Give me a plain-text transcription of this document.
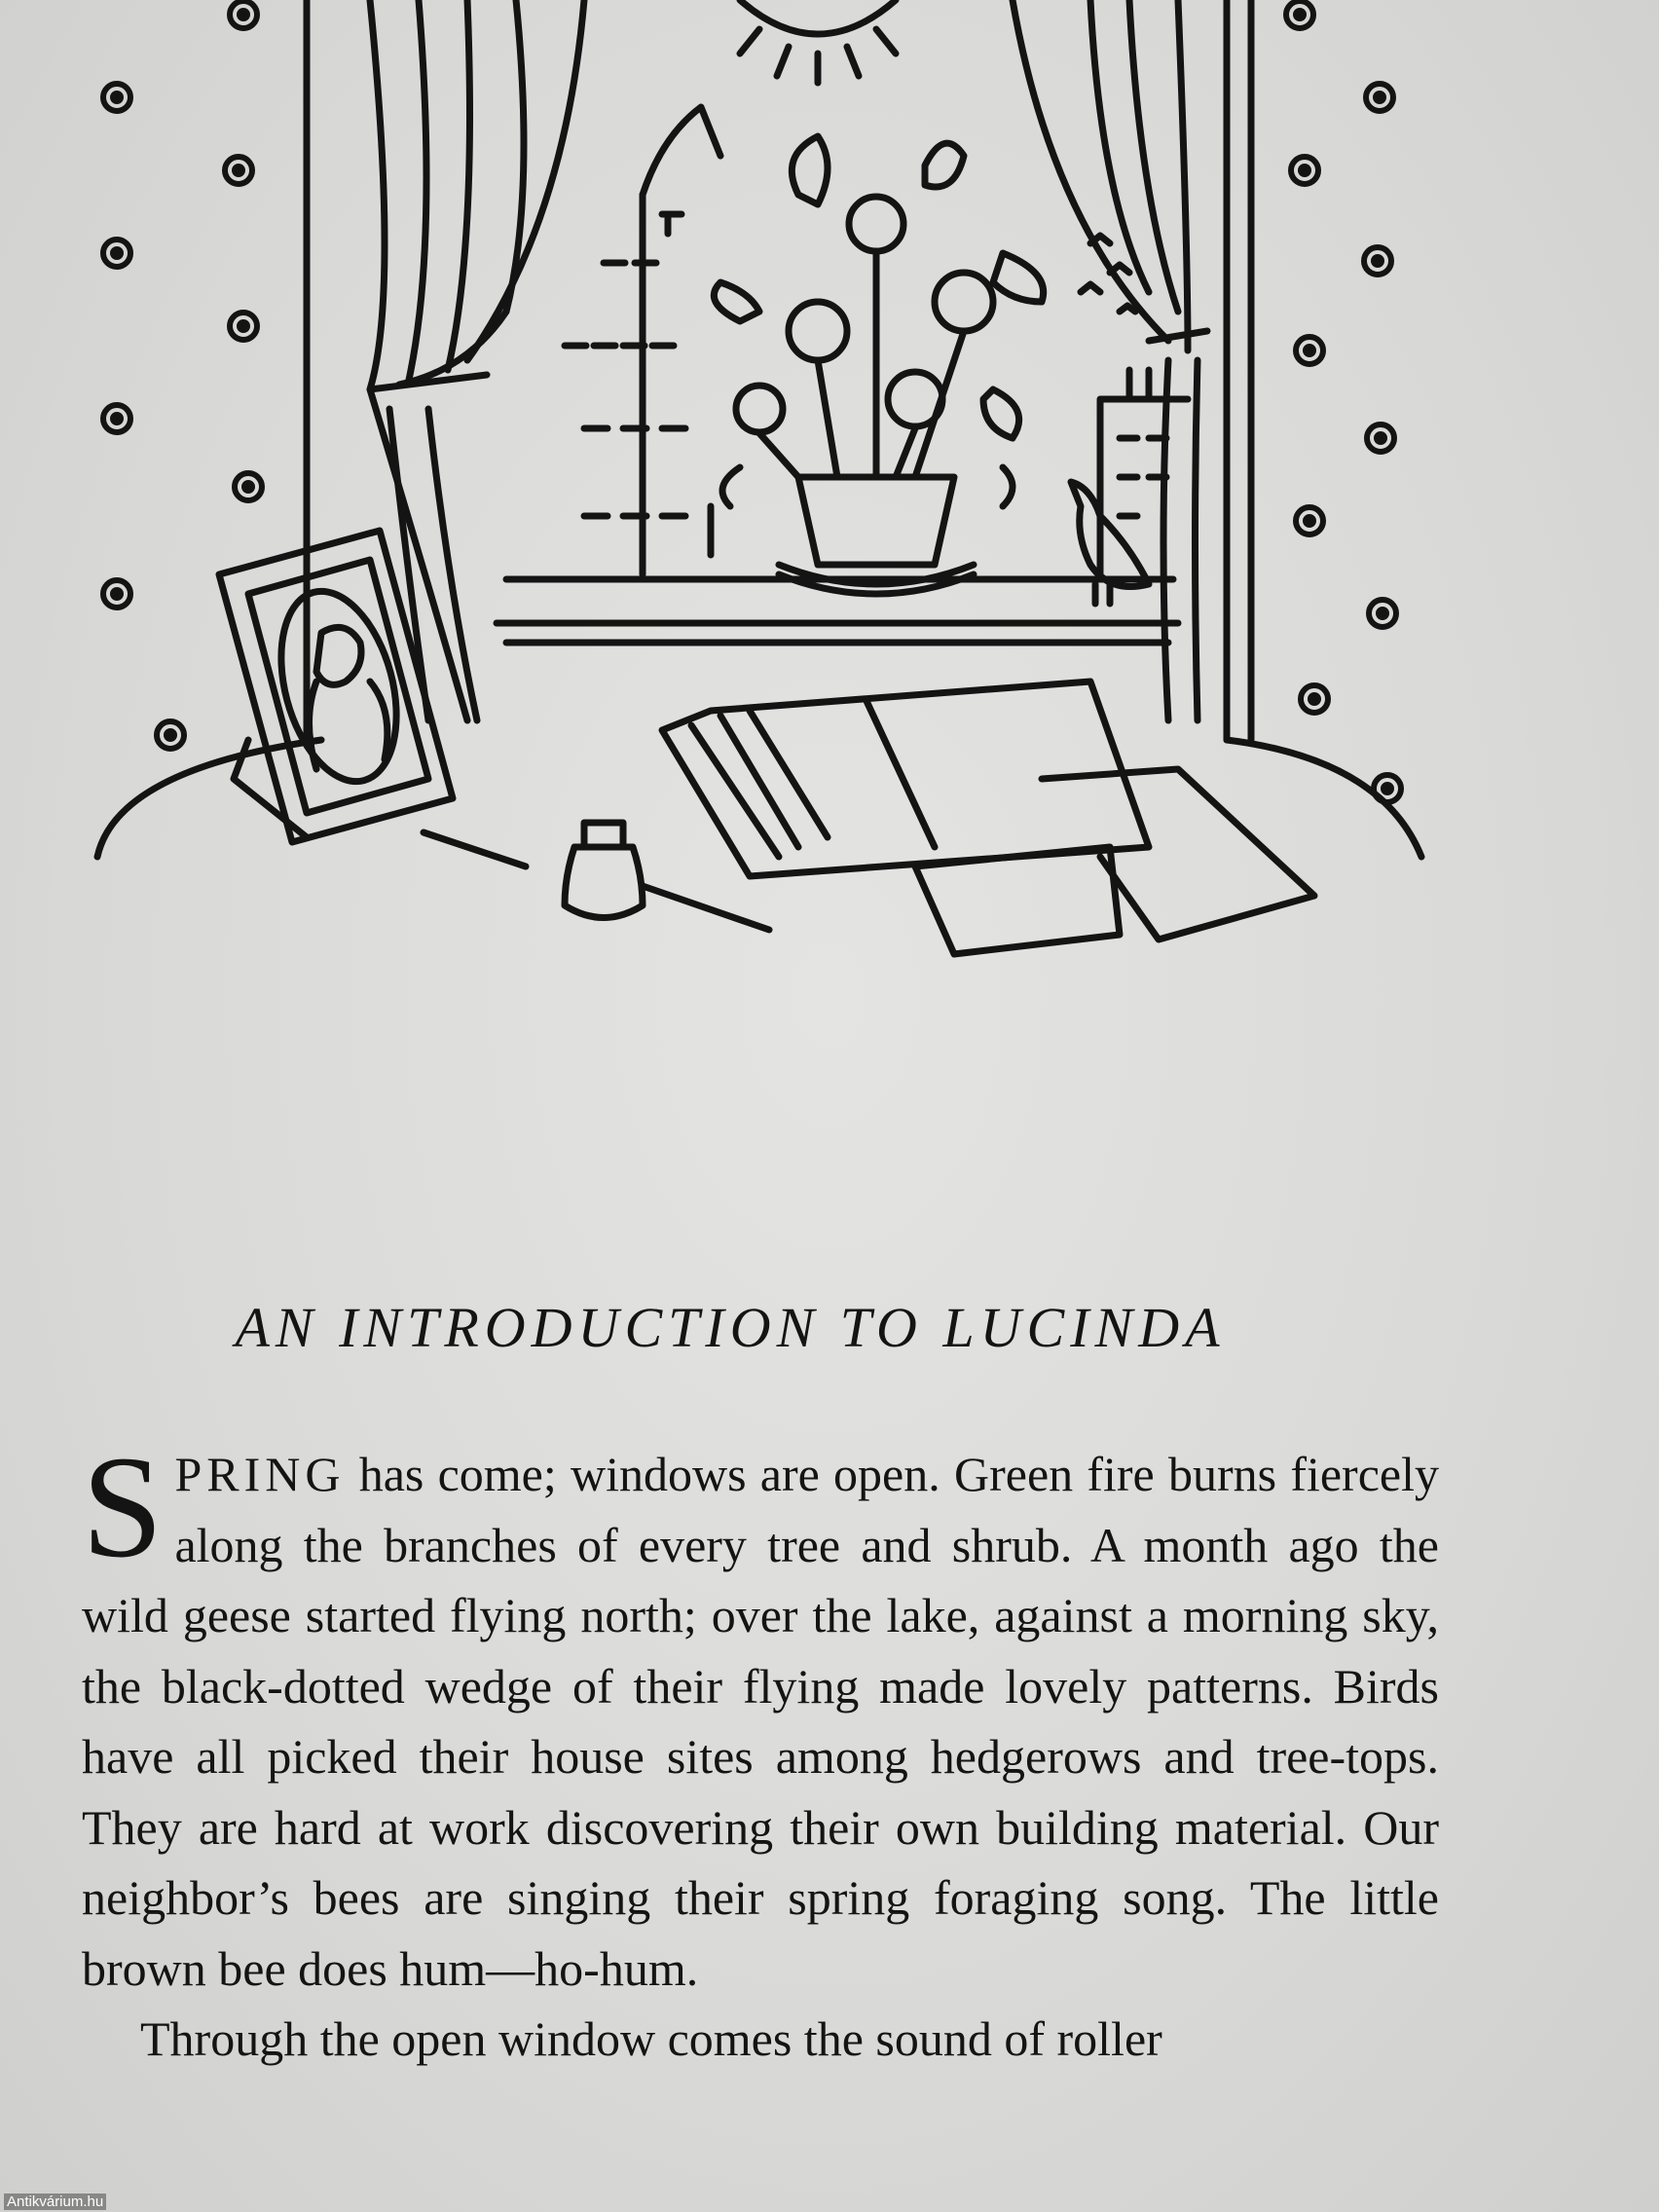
AN INTRODUCTION TO LUCINDA

SPRING has come; windows are open. Green fire burns fiercely along the branches of every tree and shrub. A month ago the wild geese started flying north; over the lake, against a morning sky, the black-dotted wedge of their flying made lovely patterns. Birds have all picked their house sites among hedgerows and tree-tops. They are hard at work discovering their own building material. Our neighbor’s bees are singing their spring foraging song. The little brown bee does hum—ho-hum.

Through the open window comes the sound of roller

Antikvárium.hu
